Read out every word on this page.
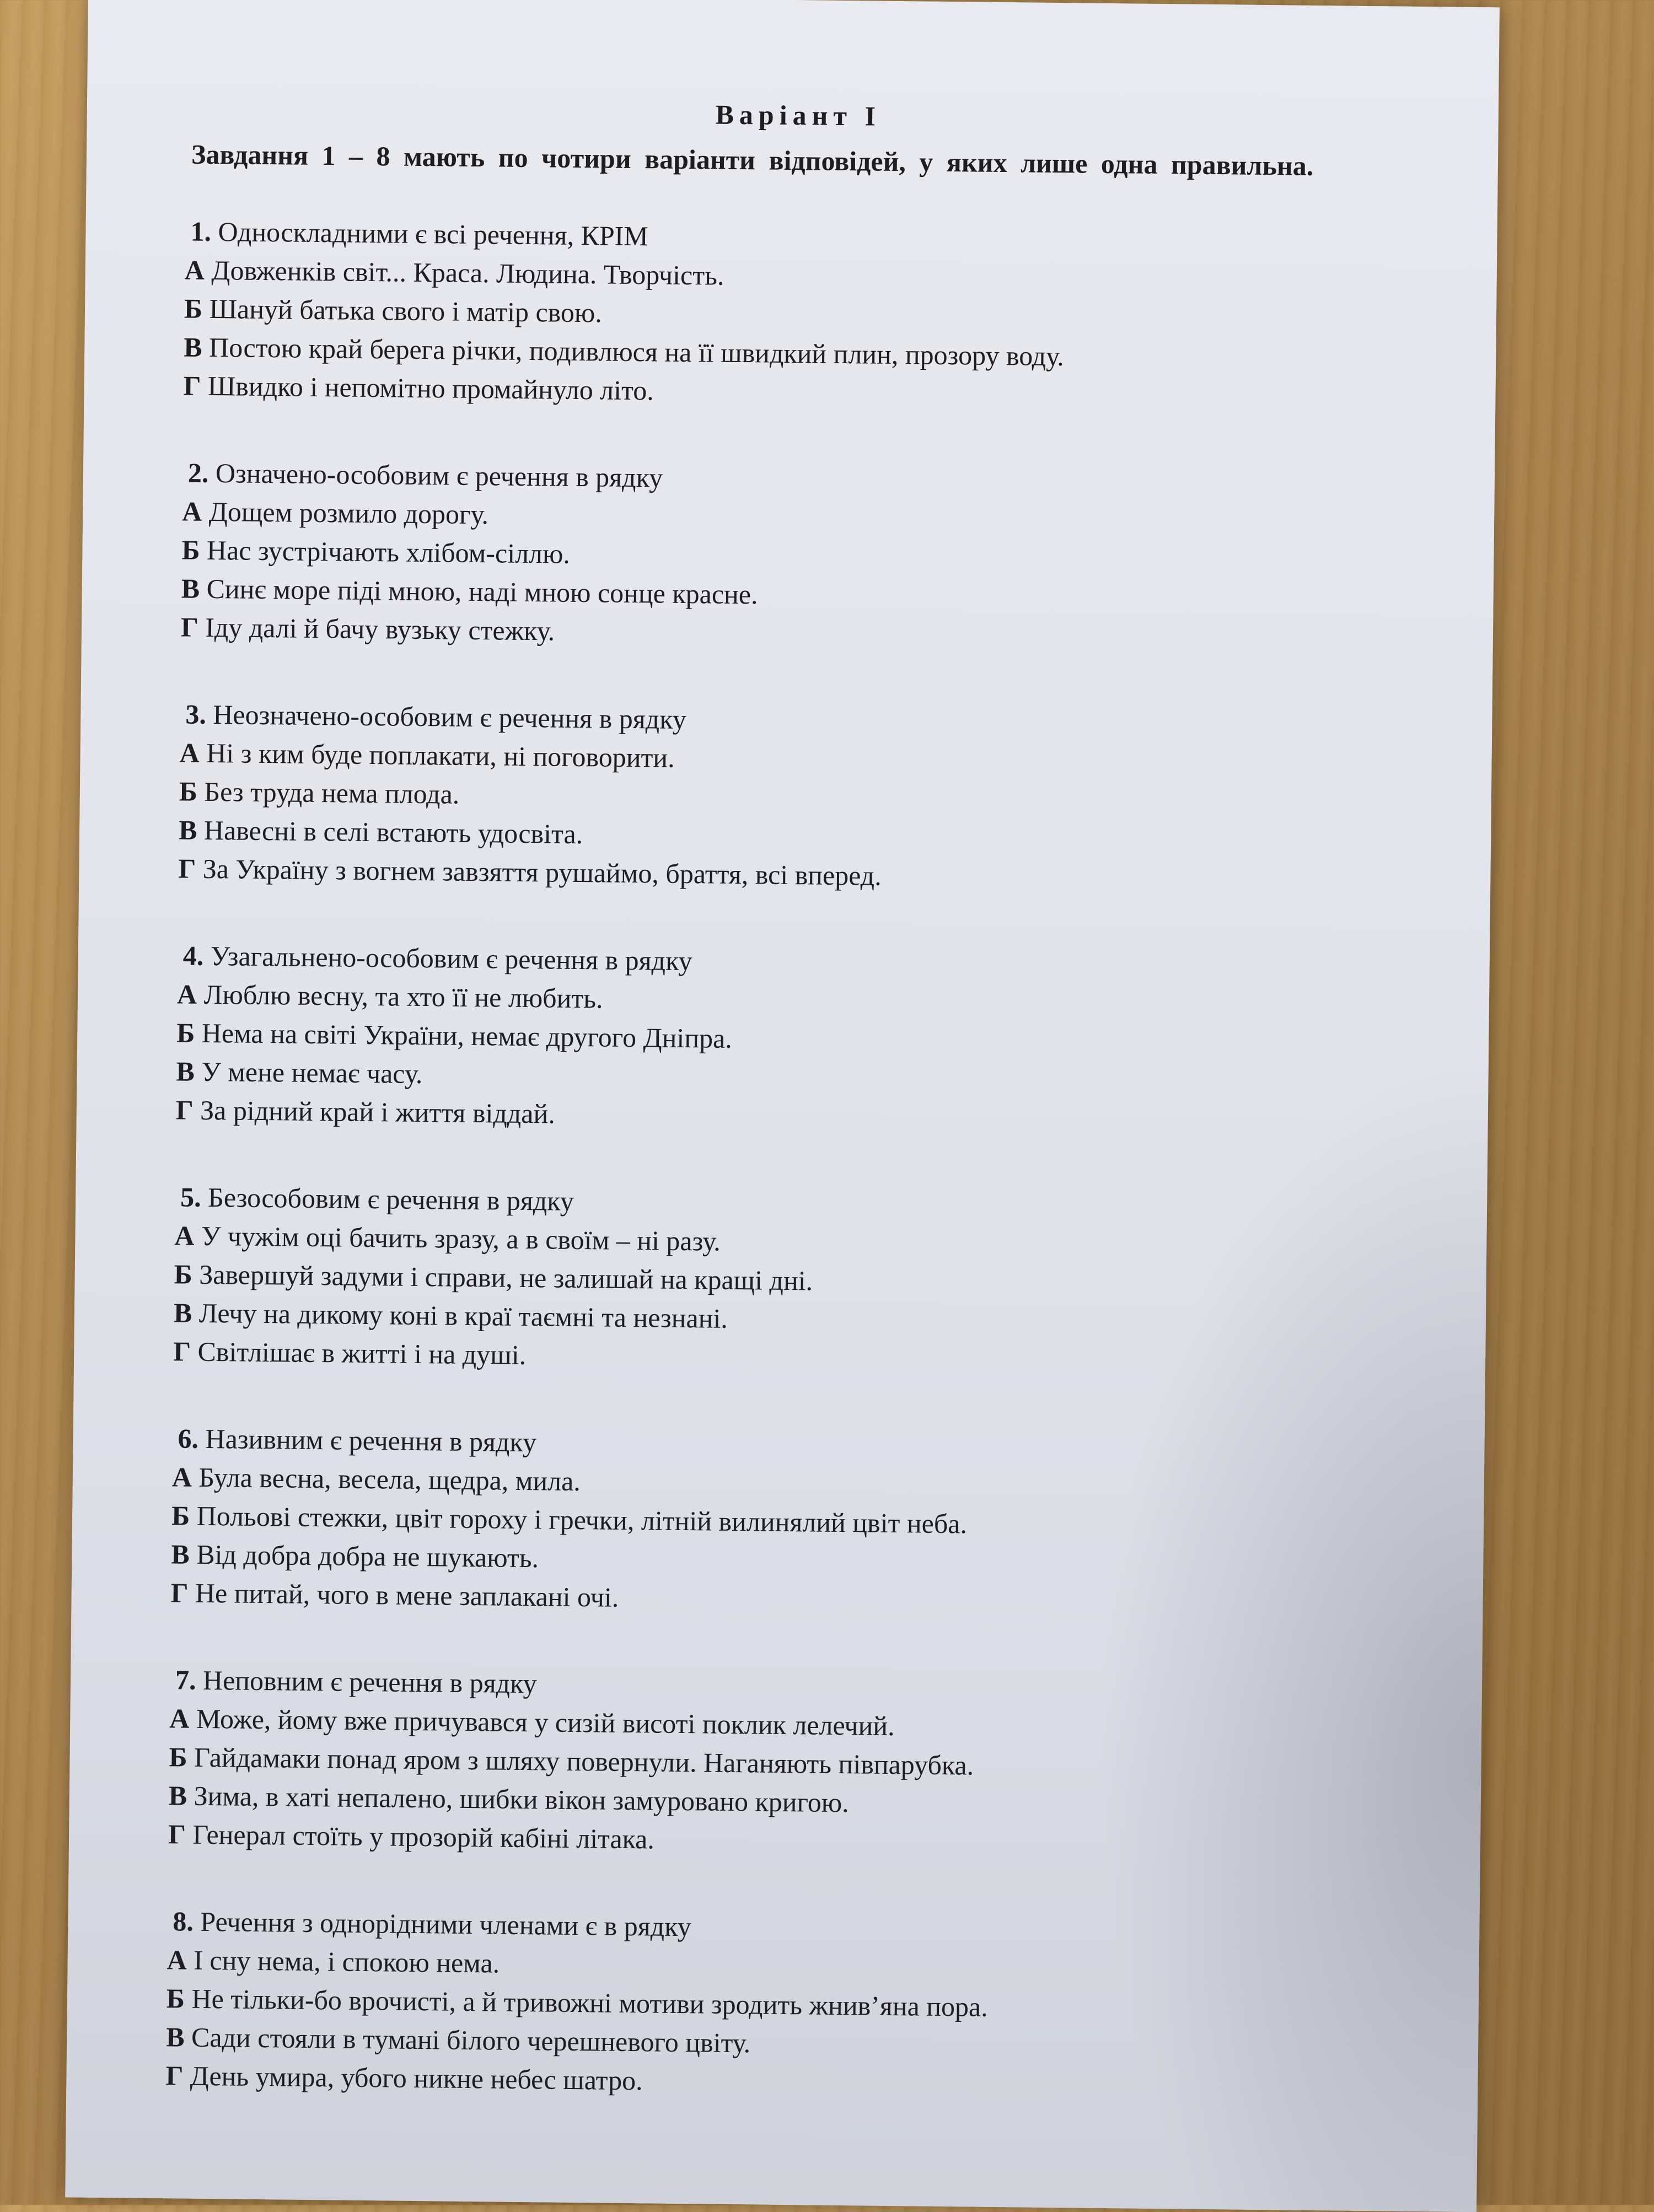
Варіант І

Завдання 1 – 8 мають по чотири варіанти відповідей, у яких лише одна правильна.

1. Односкладними є всі речення, КРІМ

А Довженків світ... Краса. Людина. Творчість.

Б Шануй батька свого і матір свою.

В Постою край берега річки, подивлюся на її швидкий плин, прозору воду.

Г Швидко і непомітно промайнуло літо.

2. Означено-особовим є речення в рядку

А Дощем розмило дорогу.

Б Нас зустрічають хлібом-сіллю.

В Синє море піді мною, наді мною сонце красне.

Г Іду далі й бачу вузьку стежку.

3. Неозначено-особовим є речення в рядку

А Ні з ким буде поплакати, ні поговорити.

Б Без труда нема плода.

В Навесні в селі встають удосвіта.

Г За Україну з вогнем завзяття рушаймо, браття, всі вперед.

4. Узагальнено-особовим є речення в рядку

А Люблю весну, та хто її не любить.

Б Нема на світі України, немає другого Дніпра.

В У мене немає часу.

Г За рідний край і життя віддай.

5. Безособовим є речення в рядку

А У чужім оці бачить зразу, а в своїм – ні разу.

Б Завершуй задуми і справи, не залишай на кращі дні.

В Лечу на дикому коні в краї таємні та незнані.

Г Світлішає в житті і на душі.

6. Називним є речення в рядку

А Була весна, весела, щедра, мила.

Б Польові стежки, цвіт гороху і гречки, літній вилинялий цвіт неба.

В Від добра добра не шукають.

Г Не питай, чого в мене заплакані очі.

7. Неповним є речення в рядку

А Може, йому вже причувався у сизій висоті поклик лелечий.

Б Гайдамаки понад яром з шляху повернули. Наганяють півпарубка.

В Зима, в хаті непалено, шибки вікон замуровано кригою.

Г Генерал стоїть у прозорій кабіні літака.

8. Речення з однорідними членами є в рядку

А І сну нема, і спокою нема.

Б Не тільки-бо врочисті, а й тривожні мотиви зродить жнив’яна пора.

В Сади стояли в тумані білого черешневого цвіту.

Г День умира, убого никне небес шатро.
